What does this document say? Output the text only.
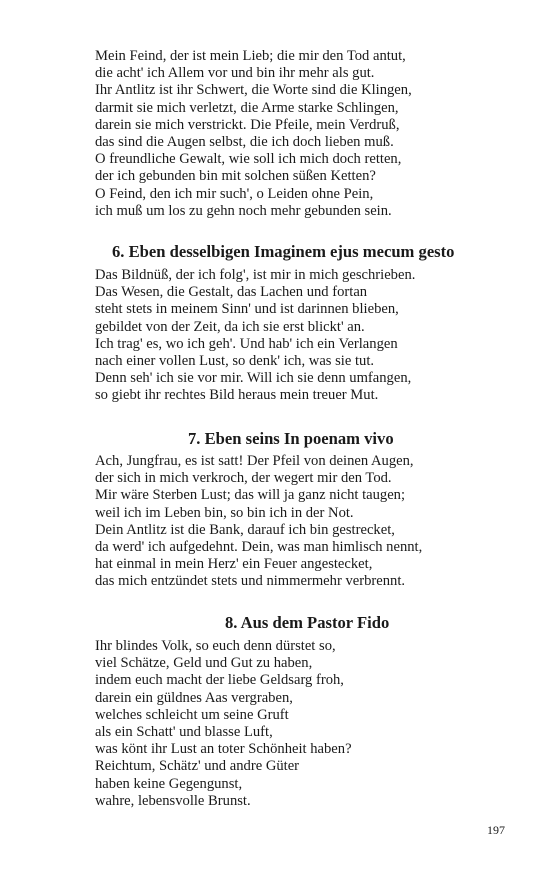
Mein Feind, der ist mein Lieb; die mir den Tod antut,
die acht' ich Allem vor und bin ihr mehr als gut.
Ihr Antlitz ist ihr Schwert, die Worte sind die Klingen,
darmit sie mich verletzt, die Arme starke Schlingen,
darein sie mich verstrickt. Die Pfeile, mein Verdruß,
das sind die Augen selbst, die ich doch lieben muß.
O freundliche Gewalt, wie soll ich mich doch retten,
der ich gebunden bin mit solchen süßen Ketten?
O Feind, den ich mir such', o Leiden ohne Pein,
ich muß um los zu gehn noch mehr gebunden sein.
6. Eben desselbigen Imaginem ejus mecum gesto
Das Bildnüß, der ich folg', ist mir in mich geschrieben.
Das Wesen, die Gestalt, das Lachen und fortan
steht stets in meinem Sinn' und ist darinnen blieben,
gebildet von der Zeit, da ich sie erst blickt' an.
Ich trag' es, wo ich geh'. Und hab' ich ein Verlangen
nach einer vollen Lust, so denk' ich, was sie tut.
Denn seh' ich sie vor mir. Will ich sie denn umfangen,
so giebt ihr rechtes Bild heraus mein treuer Mut.
7. Eben seins In poenam vivo
Ach, Jungfrau, es ist satt! Der Pfeil von deinen Augen,
der sich in mich verkroch, der wegert mir den Tod.
Mir wäre Sterben Lust; das will ja ganz nicht taugen;
weil ich im Leben bin, so bin ich in der Not.
Dein Antlitz ist die Bank, darauf ich bin gestrecket,
da werd' ich aufgedehnt. Dein, was man himlisch nennt,
hat einmal in mein Herz' ein Feuer angestecket,
das mich entzündet stets und nimmermehr verbrennt.
8. Aus dem Pastor Fido
Ihr blindes Volk, so euch denn dürstet so,
viel Schätze, Geld und Gut zu haben,
indem euch macht der liebe Geldsarg froh,
darein ein güldnes Aas vergraben,
welches schleicht um seine Gruft
als ein Schatt' und blasse Luft,
was könt ihr Lust an toter Schönheit haben?
Reichtum, Schätz' und andre Güter
haben keine Gegengunst,
wahre, lebensvolle Brunst.
197
